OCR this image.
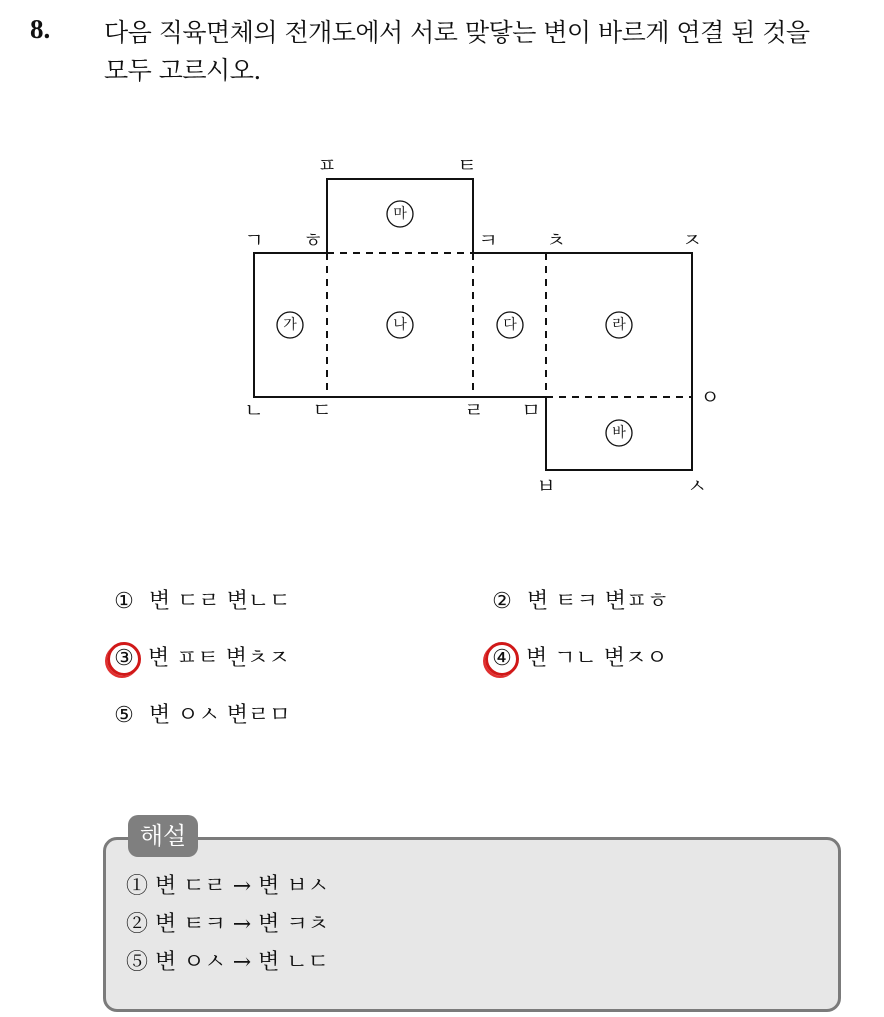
8. 다음 직육면체의 전개도에서 서로 맞닿는 변이 바르게 연결 된 것을
모두 고르시오.
가	나	다	라
마
바
ㅍ	ㅌ
ㄱ ㅎ	ㅋ ㅊ	ㅈ
ㄴ ㄷ	ㄹ ㅁ
ㅇ
ㅂ	ㅅ
① 변 ㄷㄹ 변ㄴㄷ	② 변 ㅌㅋ 변ㅍㅎ
③ 변 ㅍㅌ 변ㅊㅈ	④ 변 ㄱㄴ 변ㅈㅇ
⑤ 변 ㅇㅅ 변ㄹㅁ
해설
① 변 ㄷㄹ → 변 ㅂㅅ
② 변 ㅌㅋ → 변 ㅋㅊ
⑤ 변 ㅇㅅ → 변 ㄴㄷ
